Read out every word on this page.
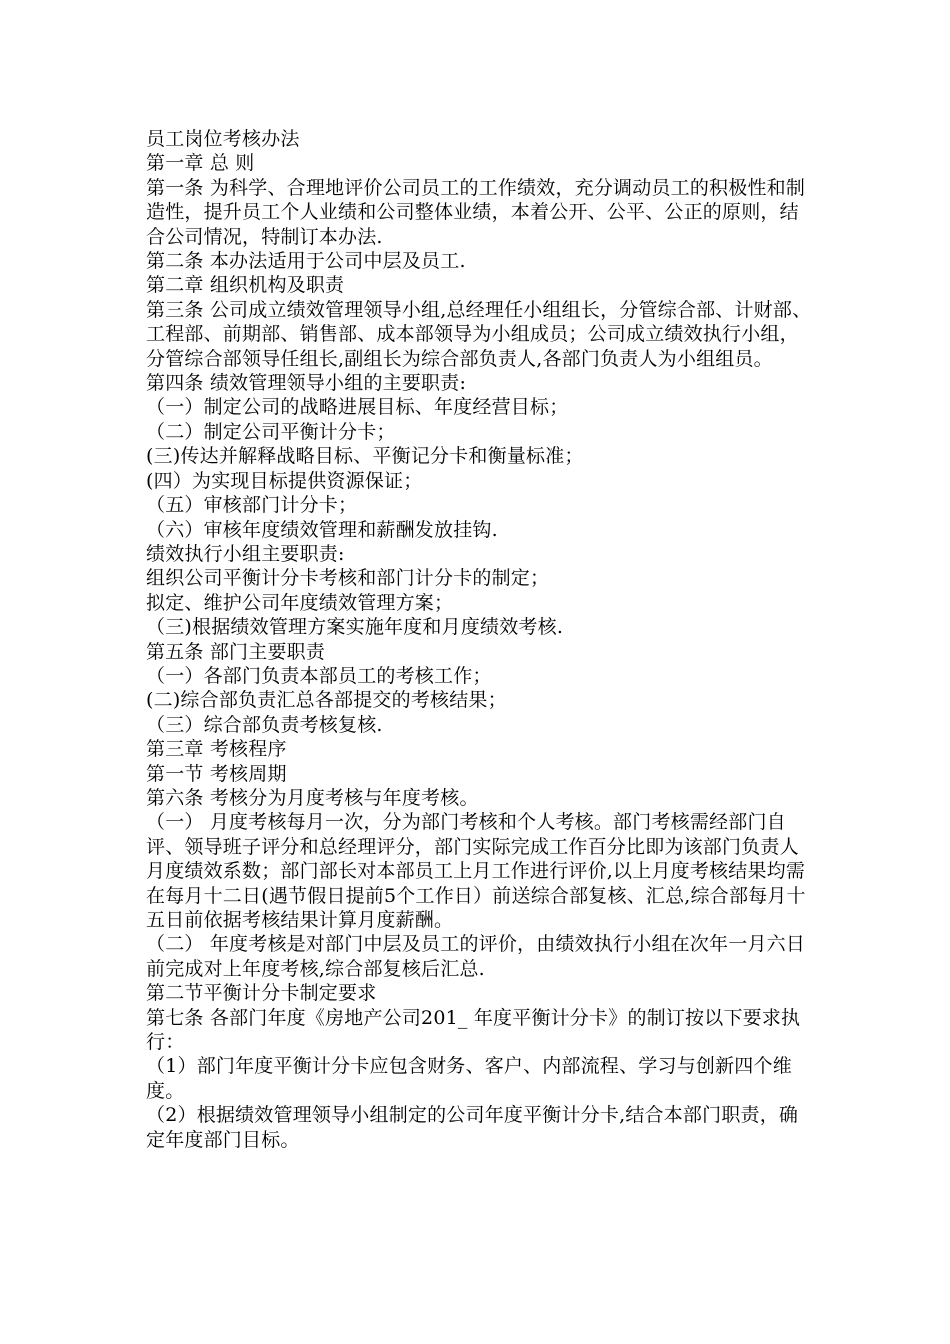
员工岗位考核办法

第一章 总 则

第一条 为科学、合理地评价公司员工的工作绩效，充分调动员工的积极性和制造性，提升员工个人业绩和公司整体业绩，本着公开、公平、公正的原则，结合公司情况，特制订本办法.

第二条 本办法适用于公司中层及员工.

第二章 组织机构及职责

第三条 公司成立绩效管理领导小组,总经理任小组组长，分管综合部、计财部、工程部、前期部、销售部、成本部领导为小组成员；公司成立绩效执行小组，分管综合部领导任组长,副组长为综合部负责人,各部门负责人为小组组员。

第四条 绩效管理领导小组的主要职责:

（一）制定公司的战略进展目标、年度经营目标；

（二）制定公司平衡计分卡；

(三)传达并解释战略目标、平衡记分卡和衡量标准；

(四）为实现目标提供资源保证；

（五）审核部门计分卡；

（六）审核年度绩效管理和薪酬发放挂钩.

绩效执行小组主要职责:

组织公司平衡计分卡考核和部门计分卡的制定；

拟定、维护公司年度绩效管理方案；

（三)根据绩效管理方案实施年度和月度绩效考核.

第五条 部门主要职责

（一）各部门负责本部员工的考核工作；

(二)综合部负责汇总各部提交的考核结果；

（三）综合部负责考核复核.

第三章 考核程序

第一节 考核周期

第六条 考核分为月度考核与年度考核。

（一） 月度考核每月一次，分为部门考核和个人考核。部门考核需经部门自评、领导班子评分和总经理评分，部门实际完成工作百分比即为该部门负责人月度绩效系数；部门部长对本部员工上月工作进行评价,以上月度考核结果均需在每月十二日(遇节假日提前5个工作日）前送综合部复核、汇总,综合部每月十五日前依据考核结果计算月度薪酬。

（二） 年度考核是对部门中层及员工的评价，由绩效执行小组在次年一月六日前完成对上年度考核,综合部复核后汇总.

第二节平衡计分卡制定要求

第七条 各部门年度《房地产公司201_ 年度平衡计分卡》的制订按以下要求执行：

（1）部门年度平衡计分卡应包含财务、客户、内部流程、学习与创新四个维度。

（2）根据绩效管理领导小组制定的公司年度平衡计分卡,结合本部门职责，确定年度部门目标。
